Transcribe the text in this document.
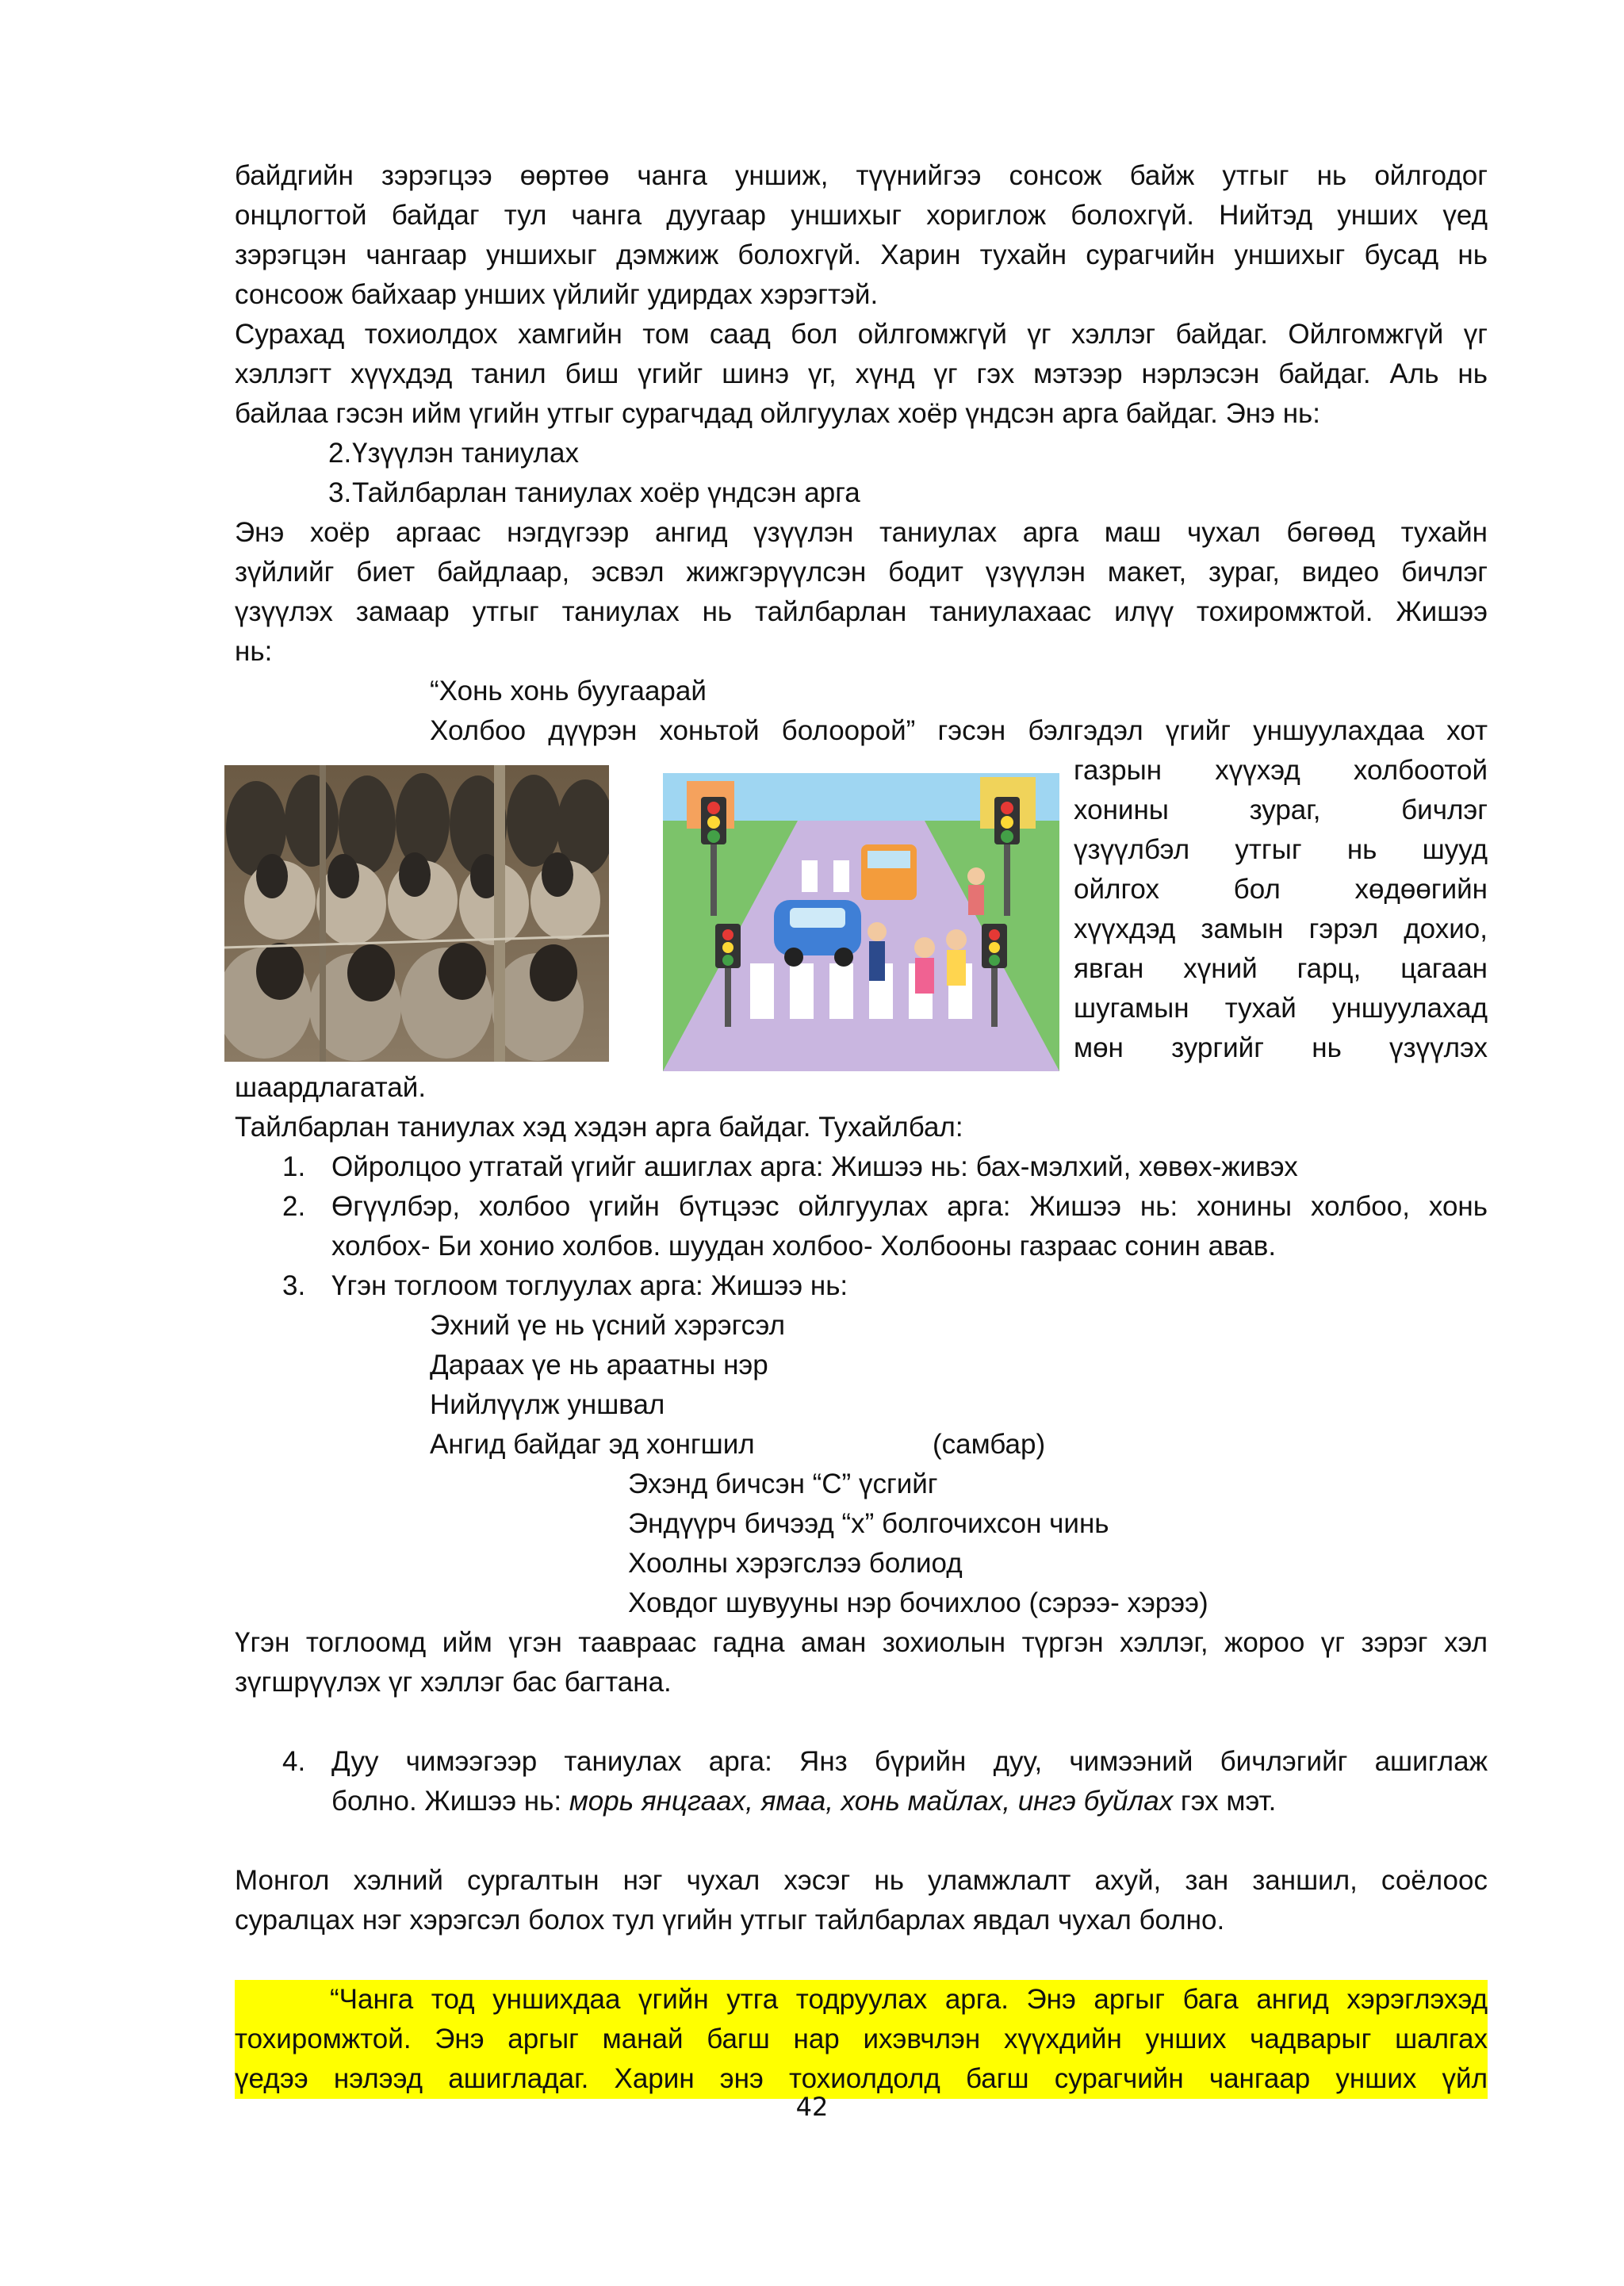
байдгийн зэрэгцээ өөртөө чанга уншиж, түүнийгээ сонсож байж утгыг нь ойлгодог
онцлогтой байдаг тул чанга дуугаар уншихыг хориглож болохгүй. Нийтэд унших үед
зэрэгцэн чангаар уншихыг дэмжиж болохгүй. Харин тухайн сурагчийн уншихыг бусад нь
сонсоож байхаар унших үйлийг удирдах хэрэгтэй.
Сурахад тохиолдох хамгийн том саад бол ойлгомжгүй үг хэллэг байдаг. Ойлгомжгүй үг
хэллэгт хүүхдэд танил биш үгийг шинэ үг, хүнд үг гэх мэтээр нэрлэсэн байдаг. Аль нь
байлаа гэсэн ийм үгийн утгыг сурагчдад ойлгуулах хоёр үндсэн арга байдаг. Энэ нь:
2. Үзүүлэн таниулах
3. Тайлбарлан таниулах хоёр үндсэн арга
Энэ хоёр аргаас нэгдүгээр ангид үзүүлэн таниулах арга маш чухал бөгөөд тухайн
зүйлийг биет байдлаар, эсвэл жижгэрүүлсэн бодит үзүүлэн макет, зураг, видео бичлэг
үзүүлэх замаар утгыг таниулах нь тайлбарлан таниулахаас илүү тохиромжтой. Жишээ
нь:
“Хонь хонь буугаарай
Холбоо дүүрэн хоньтой болоорой” гэсэн бэлгэдэл үгийг уншуулахдаа хот
газрын хүүхэд холбоотой
хонины зураг, бичлэг
үзүүлбэл утгыг нь шууд
ойлгох бол хөдөөгийн
хүүхдэд замын гэрэл дохио,
явган хүний гарц, цагаан
шугамын тухай уншуулахад
мөн зургийг нь үзүүлэх
шаардлагатай.
Тайлбарлан таниулах хэд хэдэн арга байдаг. Тухайлбал:
1. Ойролцоо утгатай үгийг ашиглах арга: Жишээ нь: бах-мэлхий, хөвөх-живэх
2. Өгүүлбэр, холбоо үгийн бүтцээс ойлгуулах арга: Жишээ нь: хонины холбоо, хонь
холбох- Би хонио холбов. шуудан холбоо- Холбооны газраас сонин авав.
3. Үгэн тоглоом тоглуулах арга: Жишээ нь:
Эхний үе нь үсний хэрэгсэл
Дараах үе нь араатны нэр
Нийлүүлж уншвал
Ангид байдаг эд хонгшил	(самбар)
Эхэнд бичсэн “С” үсгийг
Эндүүрч бичээд “х” болгочихсон чинь
Хоолны хэрэгслээ болиод
Ховдог шувууны нэр бочихлоо (сэрээ- хэрээ)
Үгэн тоглоомд ийм үгэн тааврааc гадна аман зохиолын түргэн хэллэг, жороо үг зэрэг хэл
зүгшрүүлэх үг хэллэг бас багтана.
4. Дуу чимээгээр таниулах арга: Янз бүрийн дуу, чимээний бичлэгийг ашиглаж
болно. Жишээ нь: морь янцгаах, ямаа, хонь майлах, ингэ буйлах гэх мэт.
Монгол хэлний сургалтын нэг чухал хэсэг нь уламжлалт ахуй, зан заншил, соёлоос
суралцах нэг хэрэгсэл болох тул үгийн утгыг тайлбарлах явдал чухал болно.
“Чанга тод уншихдаа үгийн утга тодруулах арга. Энэ аргыг бага ангид хэрэглэхэд
тохиромжтой. Энэ аргыг манай багш нар ихэвчлэн хүүхдийн унших чадварыг шалгах
үедээ нэлээд ашигладаг. Харин энэ тохиолдолд багш сурагчийн чангаар унших үйл
42
